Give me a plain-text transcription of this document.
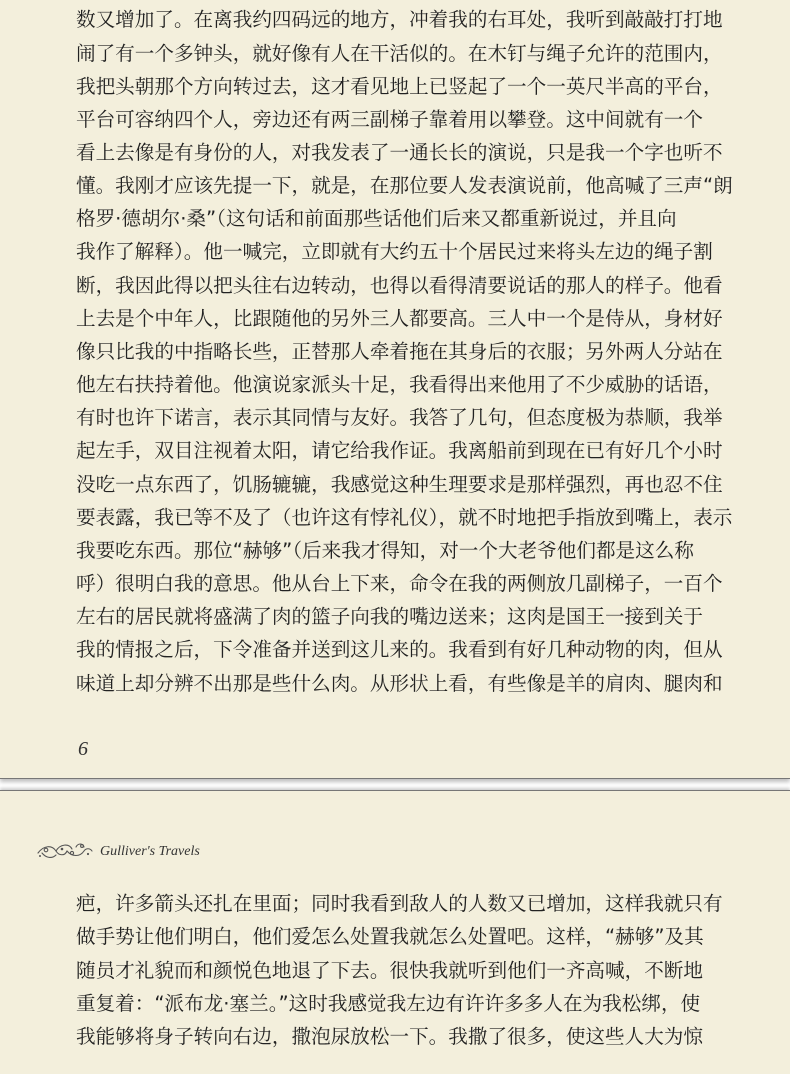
数又增加了。在离我约四码远的地方，冲着我的右耳处，我听到敲敲打打地
闹了有一个多钟头，就好像有人在干活似的。在木钉与绳子允许的范围内，
我把头朝那个方向转过去，这才看见地上已竖起了一个一英尺半高的平台，
平台可容纳四个人，旁边还有两三副梯子靠着用以攀登。这中间就有一个
看上去像是有身份的人，对我发表了一通长长的演说，只是我一个字也听不
懂。我刚才应该先提一下，就是，在那位要人发表演说前，他高喊了三声“朗
格罗·德胡尔·桑”（这句话和前面那些话他们后来又都重新说过，并且向
我作了解释）。他一喊完，立即就有大约五十个居民过来将头左边的绳子割
断，我因此得以把头往右边转动，也得以看得清要说话的那人的样子。他看
上去是个中年人，比跟随他的另外三人都要高。三人中一个是侍从，身材好
像只比我的中指略长些，正替那人牵着拖在其身后的衣服；另外两人分站在
他左右扶持着他。他演说家派头十足，我看得出来他用了不少威胁的话语，
有时也许下诺言，表示其同情与友好。我答了几句，但态度极为恭顺，我举
起左手，双目注视着太阳，请它给我作证。我离船前到现在已有好几个小时
没吃一点东西了，饥肠辘辘，我感觉这种生理要求是那样强烈，再也忍不住
要表露，我已等不及了（也许这有悖礼仪），就不时地把手指放到嘴上，表示
我要吃东西。那位“赫够”（后来我才得知，对一个大老爷他们都是这么称
呼）很明白我的意思。他从台上下来，命令在我的两侧放几副梯子，一百个
左右的居民就将盛满了肉的篮子向我的嘴边送来；这肉是国王一接到关于
我的情报之后，下令准备并送到这儿来的。我看到有好几种动物的肉，但从
味道上却分辨不出那是些什么肉。从形状上看，有些像是羊的肩肉、腿肉和
6
Gulliver's Travels
疤，许多箭头还扎在里面；同时我看到敌人的人数又已增加，这样我就只有
做手势让他们明白，他们爱怎么处置我就怎么处置吧。这样，“赫够”及其
随员才礼貌而和颜悦色地退了下去。很快我就听到他们一齐高喊，不断地
重复着：“派布龙·塞兰。”这时我感觉我左边有许许多多人在为我松绑，使
我能够将身子转向右边，撒泡尿放松一下。我撒了很多，使这些人大为惊
